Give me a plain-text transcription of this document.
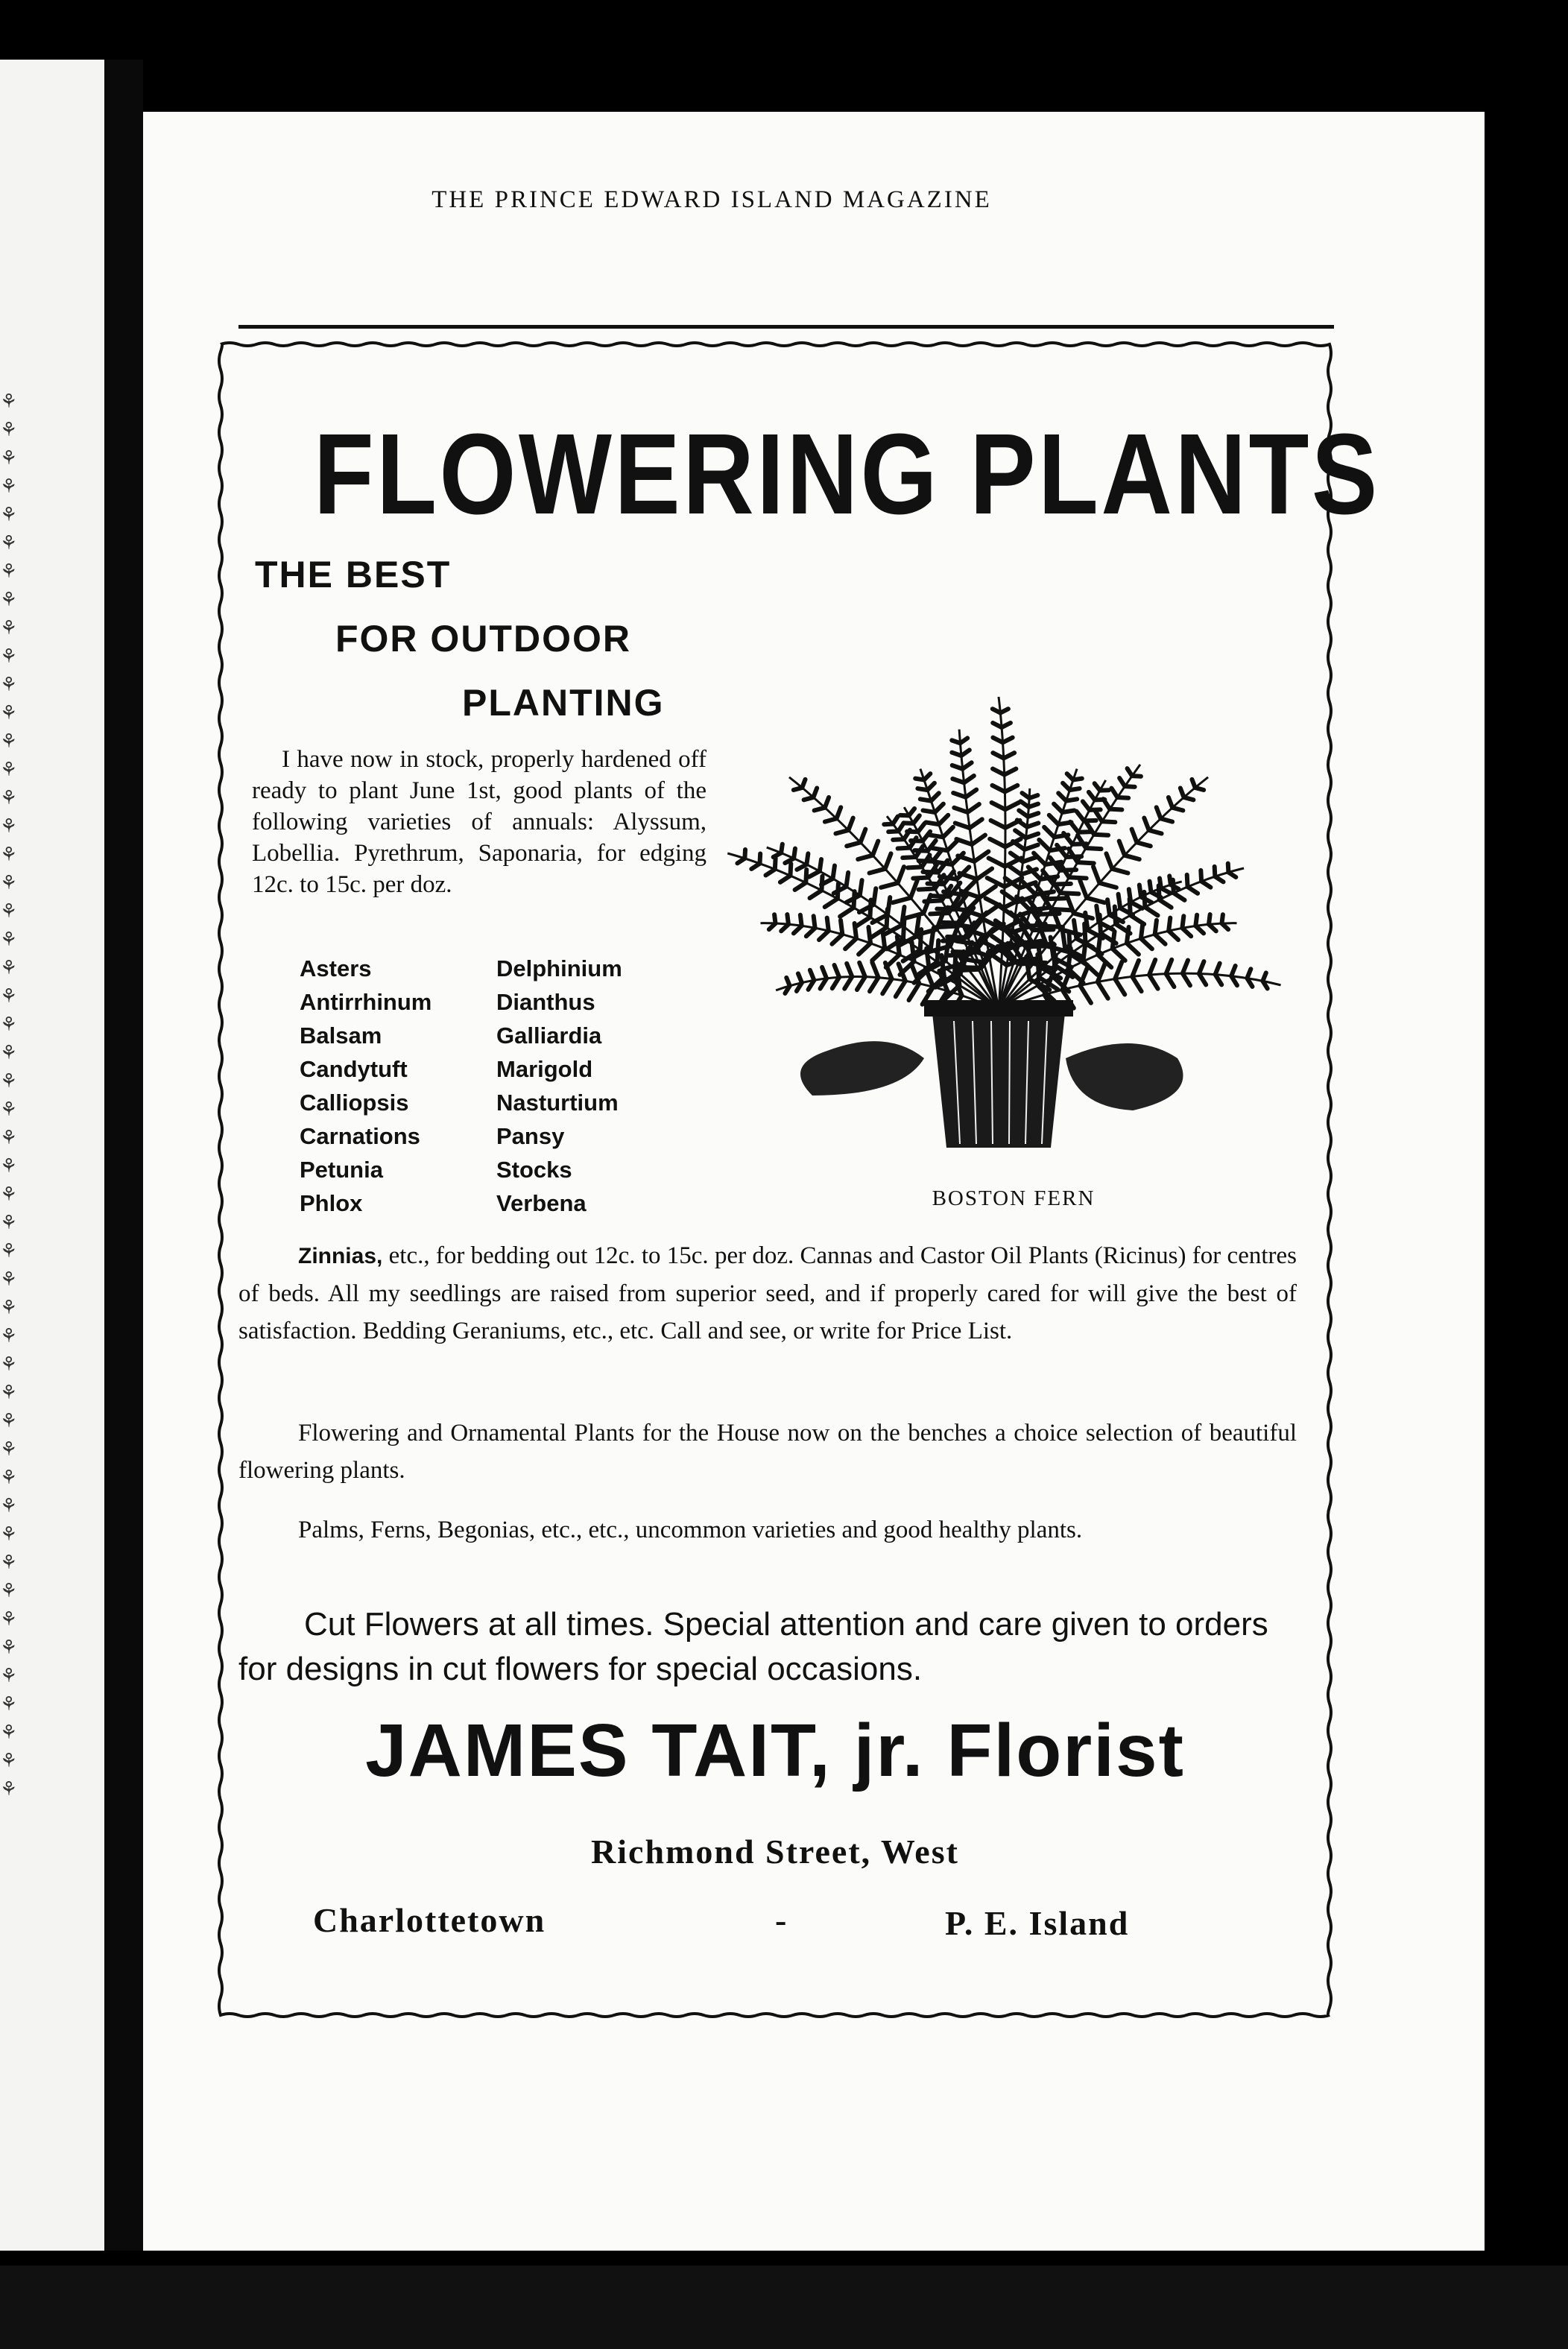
⚘
⚘
⚘
⚘
⚘
⚘
⚘
⚘
⚘
⚘
⚘
⚘
⚘
⚘
⚘
⚘
⚘
⚘
⚘
⚘
⚘
⚘
⚘
⚘
⚘
⚘
⚘
⚘
⚘
⚘
⚘
⚘
⚘
⚘
⚘
⚘
⚘
⚘
⚘
⚘
⚘
⚘
⚘
⚘
⚘
⚘
⚘
⚘
⚘
⚘
THE PRINCE EDWARD ISLAND MAGAZINE
FLOWERING PLANTS
THE BEST
FOR OUTDOOR
PLANTING
I have now in stock, properly hardened off ready to plant June 1st, good plants of the following varieties of annuals: Alyssum, Lobellia. Pyrethrum, Saponaria, for edging 12c. to 15c. per doz.
Asters	Delphinium
Antirrhinum	Dianthus
Balsam	Galliardia
Candytuft	Marigold
Calliopsis	Nasturtium
Carnations	Pansy
Petunia	Stocks
Phlox	Verbena	BOSTON FERN
Zinnias, etc., for bedding out 12c. to 15c. per doz. Cannas and Castor Oil Plants (Ricinus) for centres of beds. All my seedlings are raised from superior seed, and if properly cared for will give the best of satisfaction. Bedding Geraniums, etc., etc. Call and see, or write for Price List.
Flowering and Ornamental Plants for the House now on the benches a choice selection of beautiful flowering plants.
Palms, Ferns, Begonias, etc., etc., uncommon varieties and good healthy plants.
Cut Flowers at all times. Special attention and care given to orders for designs in cut flowers for special occasions.
JAMES TAIT, jr. Florist
Richmond Street, West
Charlottetown	-	P. E. Island
